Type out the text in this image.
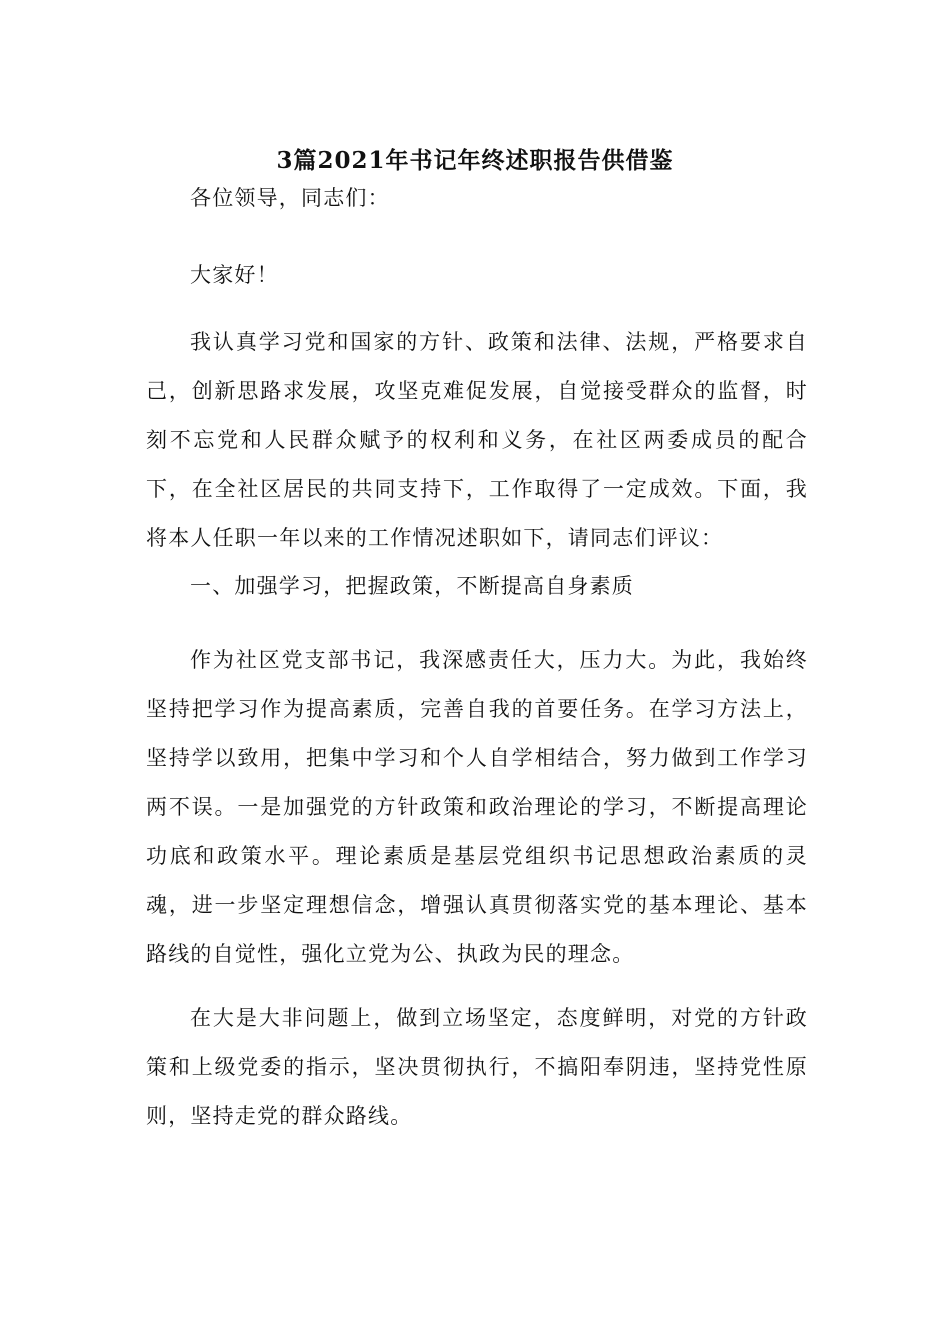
3篇2021年书记年终述职报告供借鉴

各位领导，同志们：

大家好！

我认真学习党和国家的方针、政策和法律、法规，严格要求自己，创新思路求发展，攻坚克难促发展，自觉接受群众的监督，时刻不忘党和人民群众赋予的权利和义务，在社区两委成员的配合下，在全社区居民的共同支持下，工作取得了一定成效。下面，我将本人任职一年以来的工作情况述职如下，请同志们评议：

一、加强学习，把握政策，不断提高自身素质

作为社区党支部书记，我深感责任大，压力大。为此，我始终坚持把学习作为提高素质，完善自我的首要任务。在学习方法上，坚持学以致用，把集中学习和个人自学相结合，努力做到工作学习两不误。一是加强党的方针政策和政治理论的学习，不断提高理论功底和政策水平。理论素质是基层党组织书记思想政治素质的灵魂，进一步坚定理想信念，增强认真贯彻落实党的基本理论、基本路线的自觉性，强化立党为公、执政为民的理念。

在大是大非问题上，做到立场坚定，态度鲜明，对党的方针政策和上级党委的指示，坚决贯彻执行，不搞阳奉阴违，坚持党性原则，坚持走党的群众路线。
